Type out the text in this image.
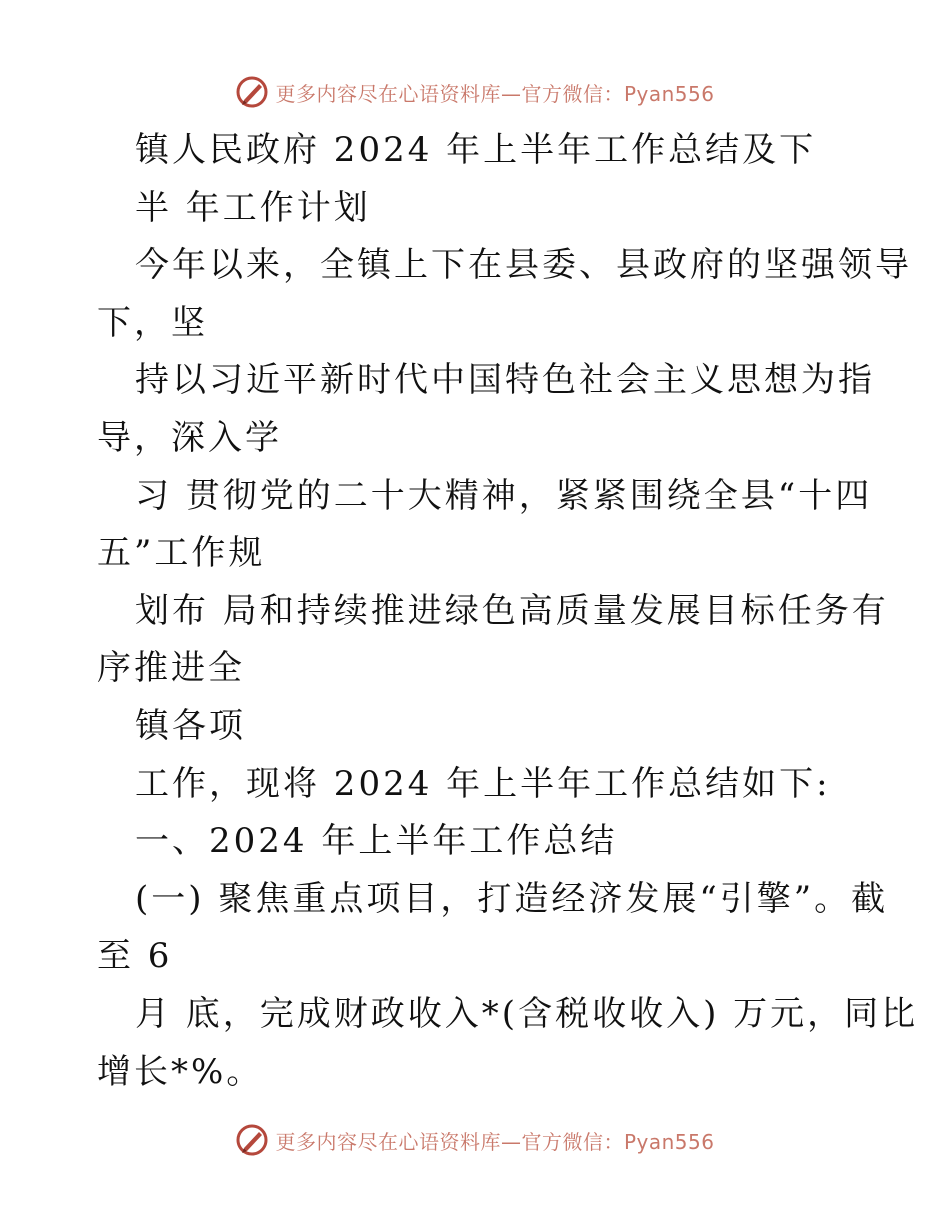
更多内容尽在心语资料库—官方微信：Pyan556
镇人民政府 2024 年上半年工作总结及下
半 年工作计划
今年以来，全镇上下在县委、县政府的坚强领导
下，坚
持以习近平新时代中国特色社会主义思想为指
导，深入学
习 贯彻党的二十大精神，紧紧围绕全县“十四
五”工作规
划布 局和持续推进绿色高质量发展目标任务有
序推进全
镇各项
工作，现将 2024 年上半年工作总结如下:
一、2024 年上半年工作总结
(一) 聚焦重点项目，打造经济发展“引擎”。截
至 6
月 底，完成财政收入*(含税收收入) 万元，同比
增长*%。
更多内容尽在心语资料库—官方微信：Pyan556
